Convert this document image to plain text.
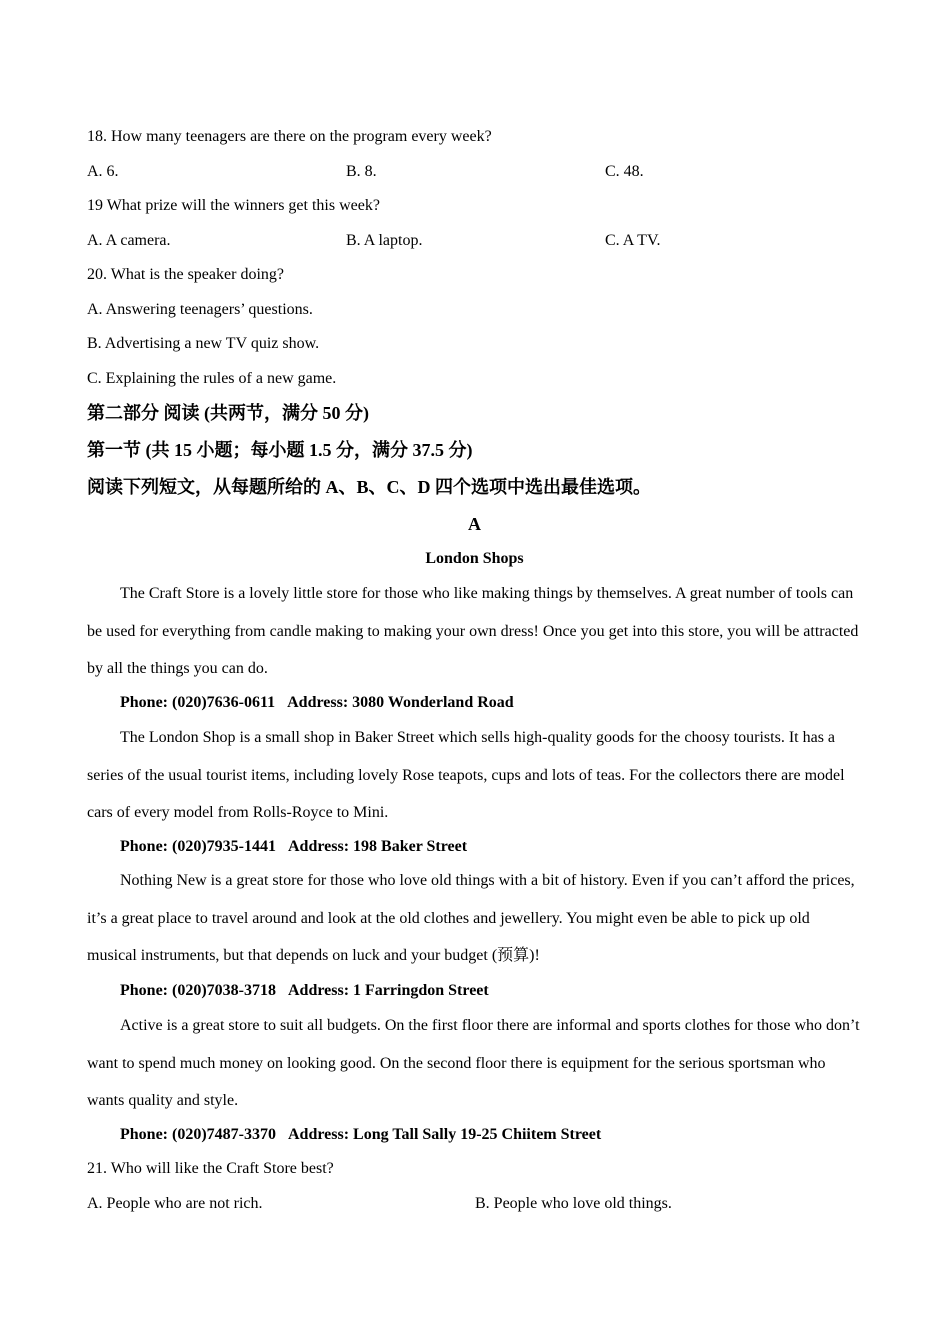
18. How many teenagers are there on the program every week?
A. 6.	B. 8.	C. 48.
19 What prize will the winners get this week?
A. A camera.	B. A laptop.	C. A TV.
20. What is the speaker doing?
A. Answering teenagers’ questions.
B. Advertising a new TV quiz show.
C. Explaining the rules of a new game.
第二部分 阅读 (共两节，满分 50 分)
第一节 (共 15 小题；每小题 1.5 分，满分 37.5 分)
阅读下列短文，从每题所给的 A、B、C、D 四个选项中选出最佳选项。
A
London Shops
The Craft Store is a lovely little store for those who like making things by themselves. A great number of tools can be used for everything from candle making to making your own dress! Once you get into this store, you will be attracted by all the things you can do.
Phone: (020)7636-0611 Address: 3080 Wonderland Road
The London Shop is a small shop in Baker Street which sells high-quality goods for the choosy tourists. It has a series of the usual tourist items, including lovely Rose teapots, cups and lots of teas. For the collectors there are model cars of every model from Rolls-Royce to Mini.
Phone: (020)7935-1441 Address: 198 Baker Street
Nothing New is a great store for those who love old things with a bit of history. Even if you can’t afford the prices, it’s a great place to travel around and look at the old clothes and jewellery. You might even be able to pick up old musical instruments, but that depends on luck and your budget (预算)!
Phone: (020)7038-3718 Address: 1 Farringdon Street
Active is a great store to suit all budgets. On the first floor there are informal and sports clothes for those who don’t want to spend much money on looking good. On the second floor there is equipment for the serious sportsman who wants quality and style.
Phone: (020)7487-3370 Address: Long Tall Sally 19-25 Chiitem Street
21. Who will like the Craft Store best?
A. People who are not rich.	B. People who love old things.
